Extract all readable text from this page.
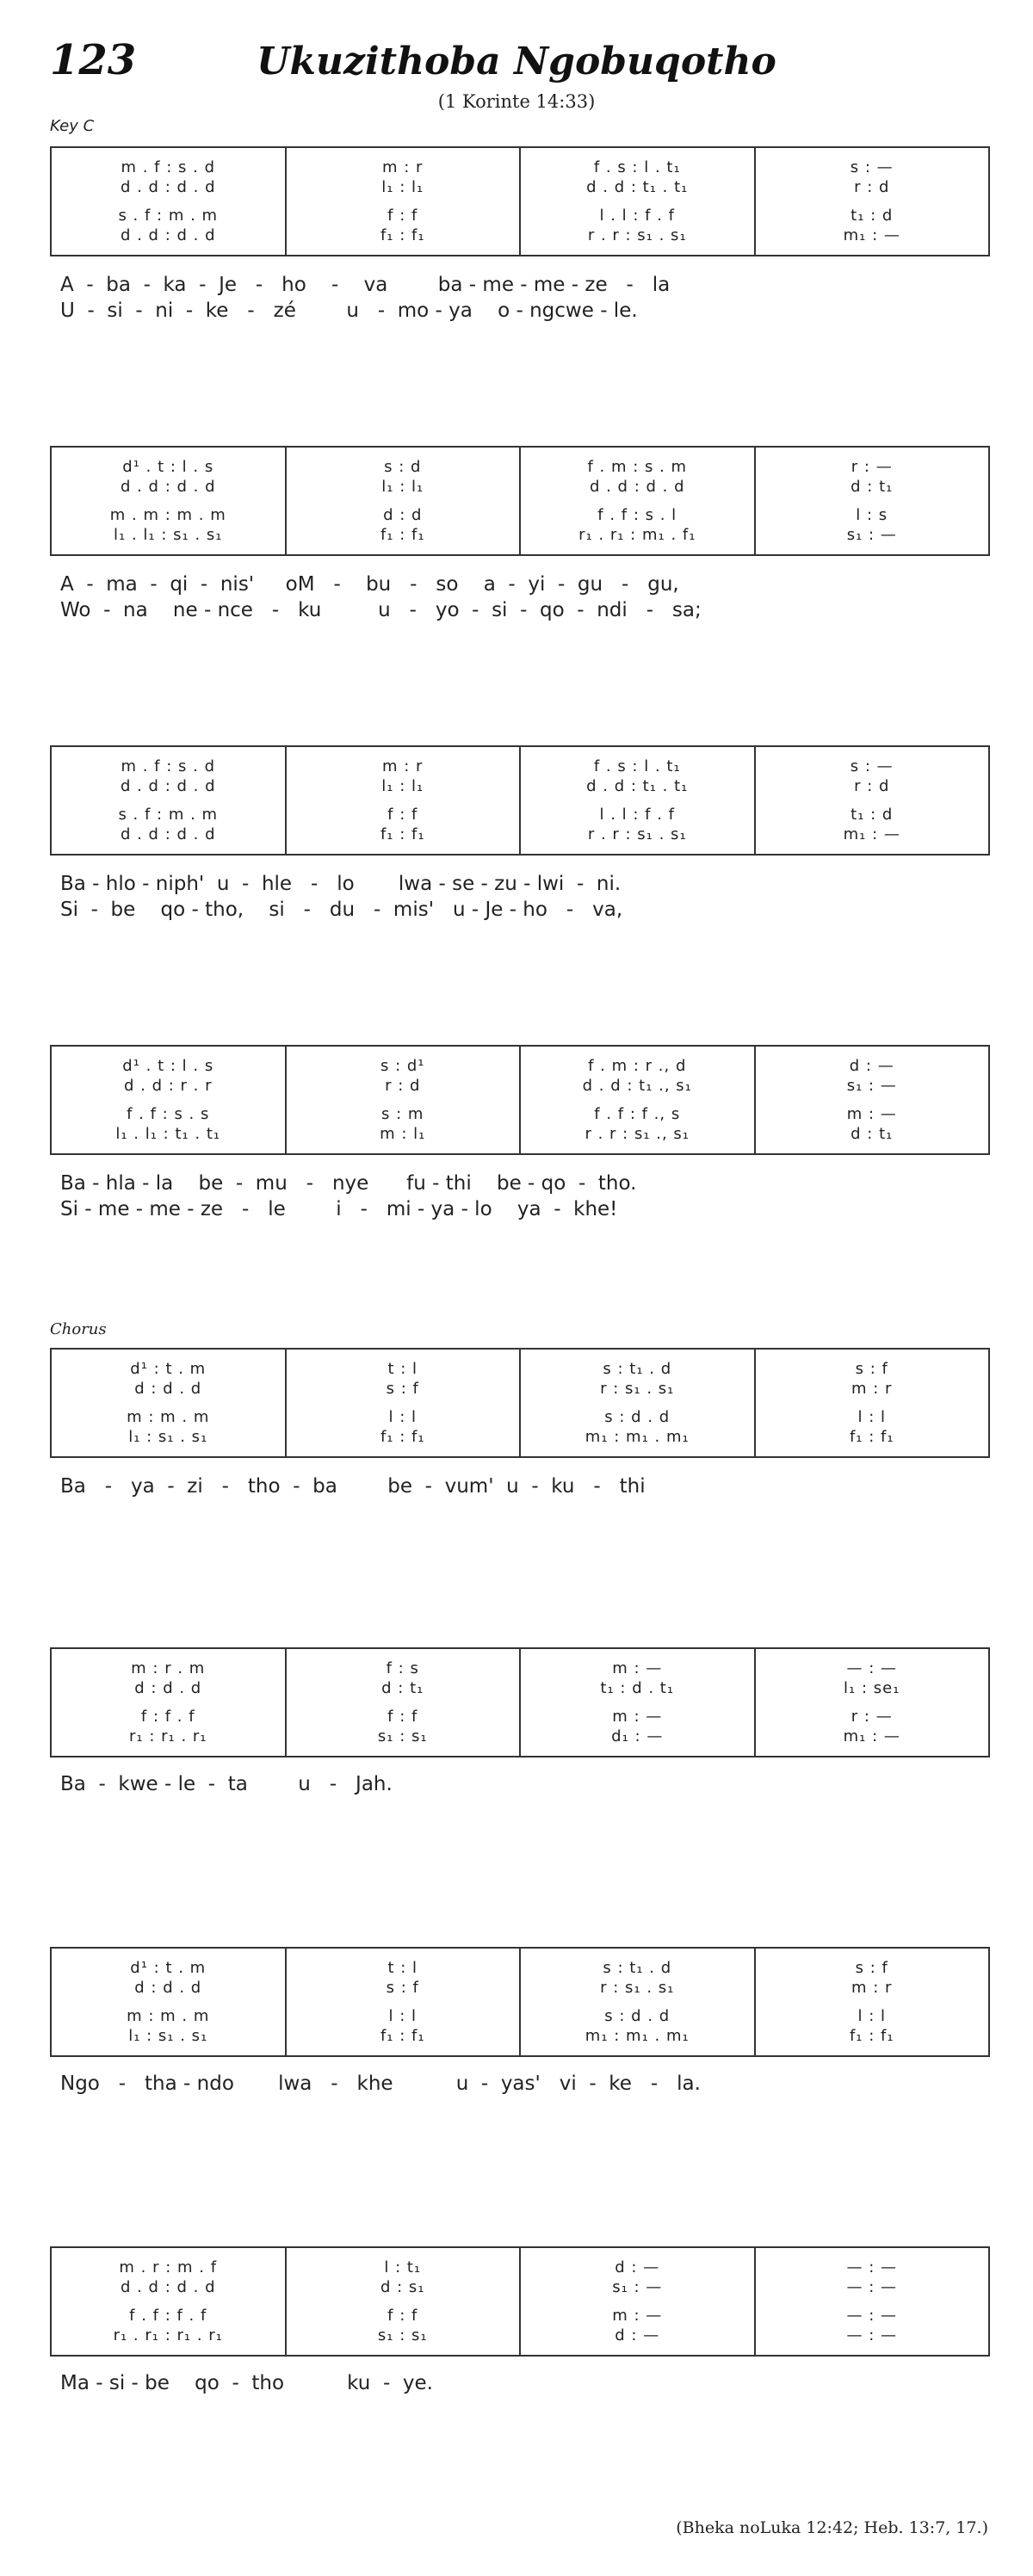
123	Ukuzithoba Ngobuqotho
(1 Korinte 14:33)
Key C
Chorus
m . f : s . d
d . d : d . d
s . f : m . m
d . d : d . d
m : r
l₁ : l₁
f : f
f₁ : f₁
f . s : l . t₁
d . d : t₁ . t₁
l . l : f . f
r . r : s₁ . s₁
s : —
r : d
t₁ : d
m₁ : —
A  -  ba  -  ka  -  Je   -   ho    -    va        ba - me - me - ze   -   la
U  -  si  -  ni  -  ke   -   zé        u   -  mo - ya    o - ngcwe - le.
d¹ . t : l . s
d . d : d . d
m . m : m . m
l₁ . l₁ : s₁ . s₁
s : d
l₁ : l₁
d : d
f₁ : f₁
f . m : s . m
d . d : d . d
f . f : s . l
r₁ . r₁ : m₁ . f₁
r : —
d : t₁
l : s
s₁ : —
A  -  ma  -  qi  -  nis'     oM   -    bu   -   so    a  -  yi  -  gu   -   gu,
Wo  -  na    ne - nce   -   ku         u   -   yo  -  si  -  qo  -  ndi   -   sa;
m . f : s . d
d . d : d . d
s . f : m . m
d . d : d . d
m : r
l₁ : l₁
f : f
f₁ : f₁
f . s : l . t₁
d . d : t₁ . t₁
l . l : f . f
r . r : s₁ . s₁
s : —
r : d
t₁ : d
m₁ : —
Ba - hlo - niph'  u  -  hle   -   lo       lwa - se - zu - lwi  -  ni.
Si  -  be    qo - tho,    si   -   du   -  mis'   u - Je - ho   -   va,
d¹ . t : l . s
d . d : r . r
f . f : s . s
l₁ . l₁ : t₁ . t₁
s : d¹
r : d
s : m
m : l₁
f . m : r ., d
d . d : t₁ ., s₁
f . f : f ., s
r . r : s₁ ., s₁
d : —
s₁ : —
m : —
d : t₁
Ba - hla - la    be  -  mu   -   nye      fu - thi    be - qo  -  tho.
Si - me - me - ze   -   le        i   -   mi - ya - lo    ya  -  khe!
d¹ : t . m
d : d . d
m : m . m
l₁ : s₁ . s₁
t : l
s : f
l : l
f₁ : f₁
s : t₁ . d
r : s₁ . s₁
s : d . d
m₁ : m₁ . m₁
s : f
m : r
l : l
f₁ : f₁
Ba   -   ya  -  zi   -   tho  -  ba        be  -  vum'  u  -  ku   -   thi
m : r . m
d : d . d
f : f . f
r₁ : r₁ . r₁
f : s
d : t₁
f : f
s₁ : s₁
m : —
t₁ : d . t₁
m : —
d₁ : —
— : —
l₁ : se₁
r : —
m₁ : —
Ba  -  kwe - le  -  ta        u   -   Jah.
d¹ : t . m
d : d . d
m : m . m
l₁ : s₁ . s₁
t : l
s : f
l : l
f₁ : f₁
s : t₁ . d
r : s₁ . s₁
s : d . d
m₁ : m₁ . m₁
s : f
m : r
l : l
f₁ : f₁
Ngo   -   tha - ndo       lwa   -   khe          u  -  yas'   vi  -  ke   -   la.
m . r : m . f
d . d : d . d
f . f : f . f
r₁ . r₁ : r₁ . r₁
l : t₁
d : s₁
f : f
s₁ : s₁
d : —
s₁ : —
m : —
d : —
— : —
— : —
— : —
— : —
Ma - si - be    qo  -  tho          ku  -  ye.
(Bheka noLuka 12:42; Heb. 13:7, 17.)
